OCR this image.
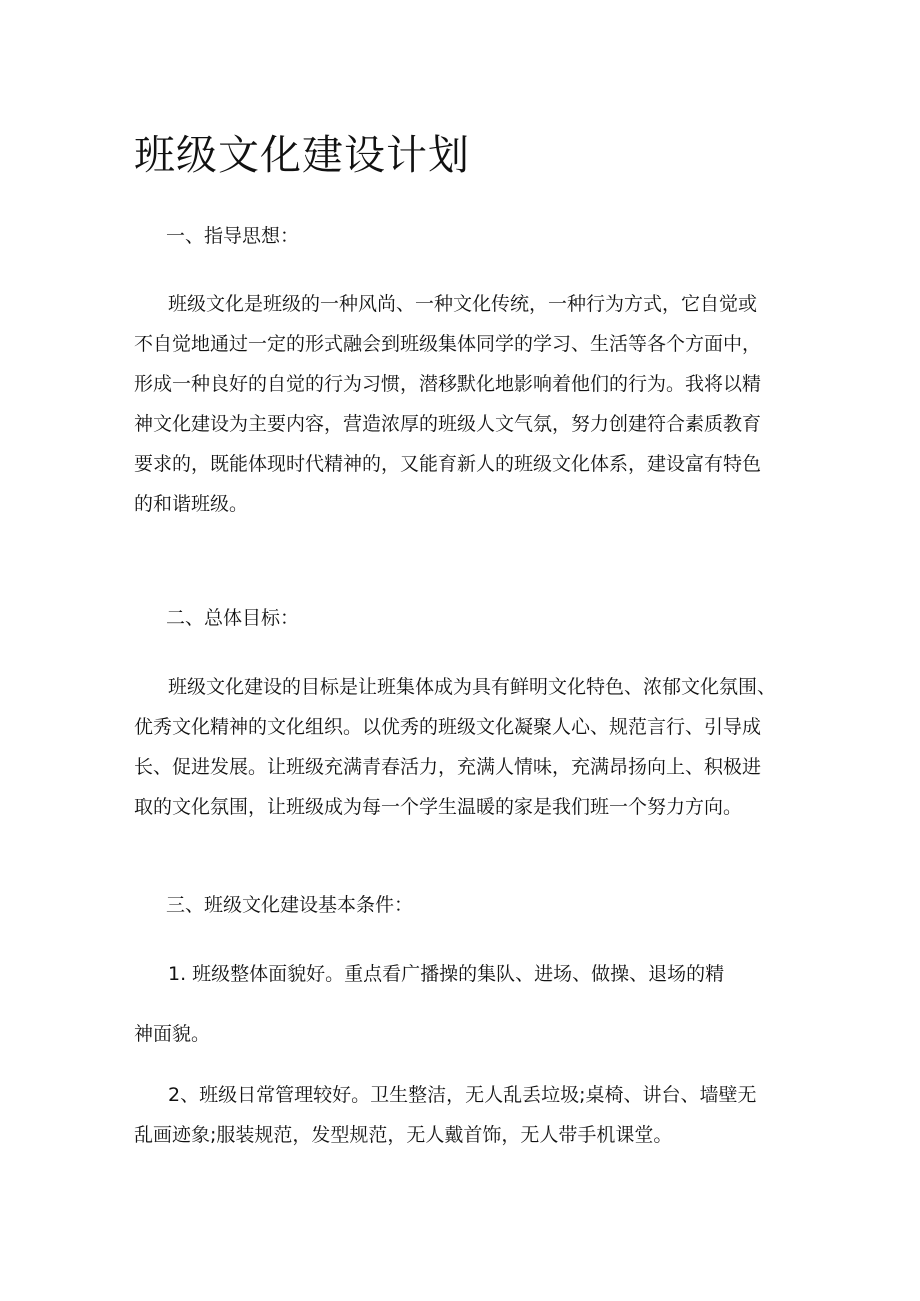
班级文化建设计划
一、指导思想：
班级文化是班级的一种风尚、一种文化传统，一种行为方式，它自觉或
不自觉地通过一定的形式融会到班级集体同学的学习、生活等各个方面中，
形成一种良好的自觉的行为习惯，潜移默化地影响着他们的行为。我将以精
神文化建设为主要内容，营造浓厚的班级人文气氛，努力创建符合素质教育
要求的，既能体现时代精神的，又能育新人的班级文化体系，建设富有特色
的和谐班级。
二、总体目标：
班级文化建设的目标是让班集体成为具有鲜明文化特色、浓郁文化氛围、
优秀文化精神的文化组织。以优秀的班级文化凝聚人心、规范言行、引导成
长、促进发展。让班级充满青春活力，充满人情味，充满昂扬向上、积极进
取的文化氛围，让班级成为每一个学生温暖的家是我们班一个努力方向。
三、班级文化建设基本条件：
1. 班级整体面貌好。重点看广播操的集队、进场、做操、退场的精
神面貌。
2、班级日常管理较好。卫生整洁，无人乱丢垃圾;桌椅、讲台、墙壁无
乱画迹象;服装规范，发型规范，无人戴首饰，无人带手机课堂。
